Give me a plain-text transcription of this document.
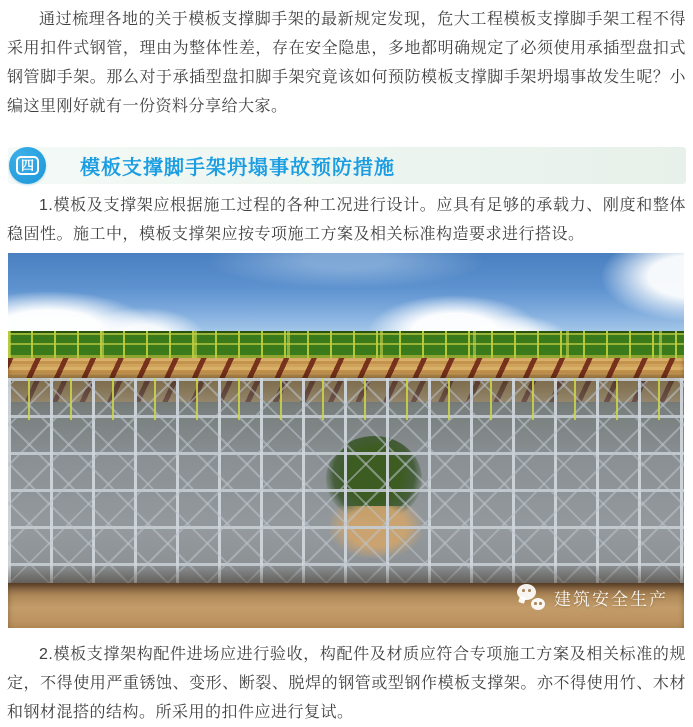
通过梳理各地的关于模板支撑脚手架的最新规定发现，危大工程模板支撑脚手架工程不得采用扣件式钢管，理由为整体性差，存在安全隐患，多地都明确规定了必须使用承插型盘扣式钢管脚手架。那么对于承插型盘扣脚手架究竟该如何预防模板支撑脚手架坍塌事故发生呢？小编这里刚好就有一份资料分享给大家。

四 模板支撑脚手架坍塌事故预防措施

1.模板及支撑架应根据施工过程的各种工况进行设计。应具有足够的承载力、刚度和整体稳固性。施工中，模板支撑架应按专项施工方案及相关标准构造要求进行搭设。

建筑安全生产

2.模板支撑架构配件进场应进行验收，构配件及材质应符合专项施工方案及相关标准的规定，不得使用严重锈蚀、变形、断裂、脱焊的钢管或型钢作模板支撑架。亦不得使用竹、木材和钢材混搭的结构。所采用的扣件应进行复试。
